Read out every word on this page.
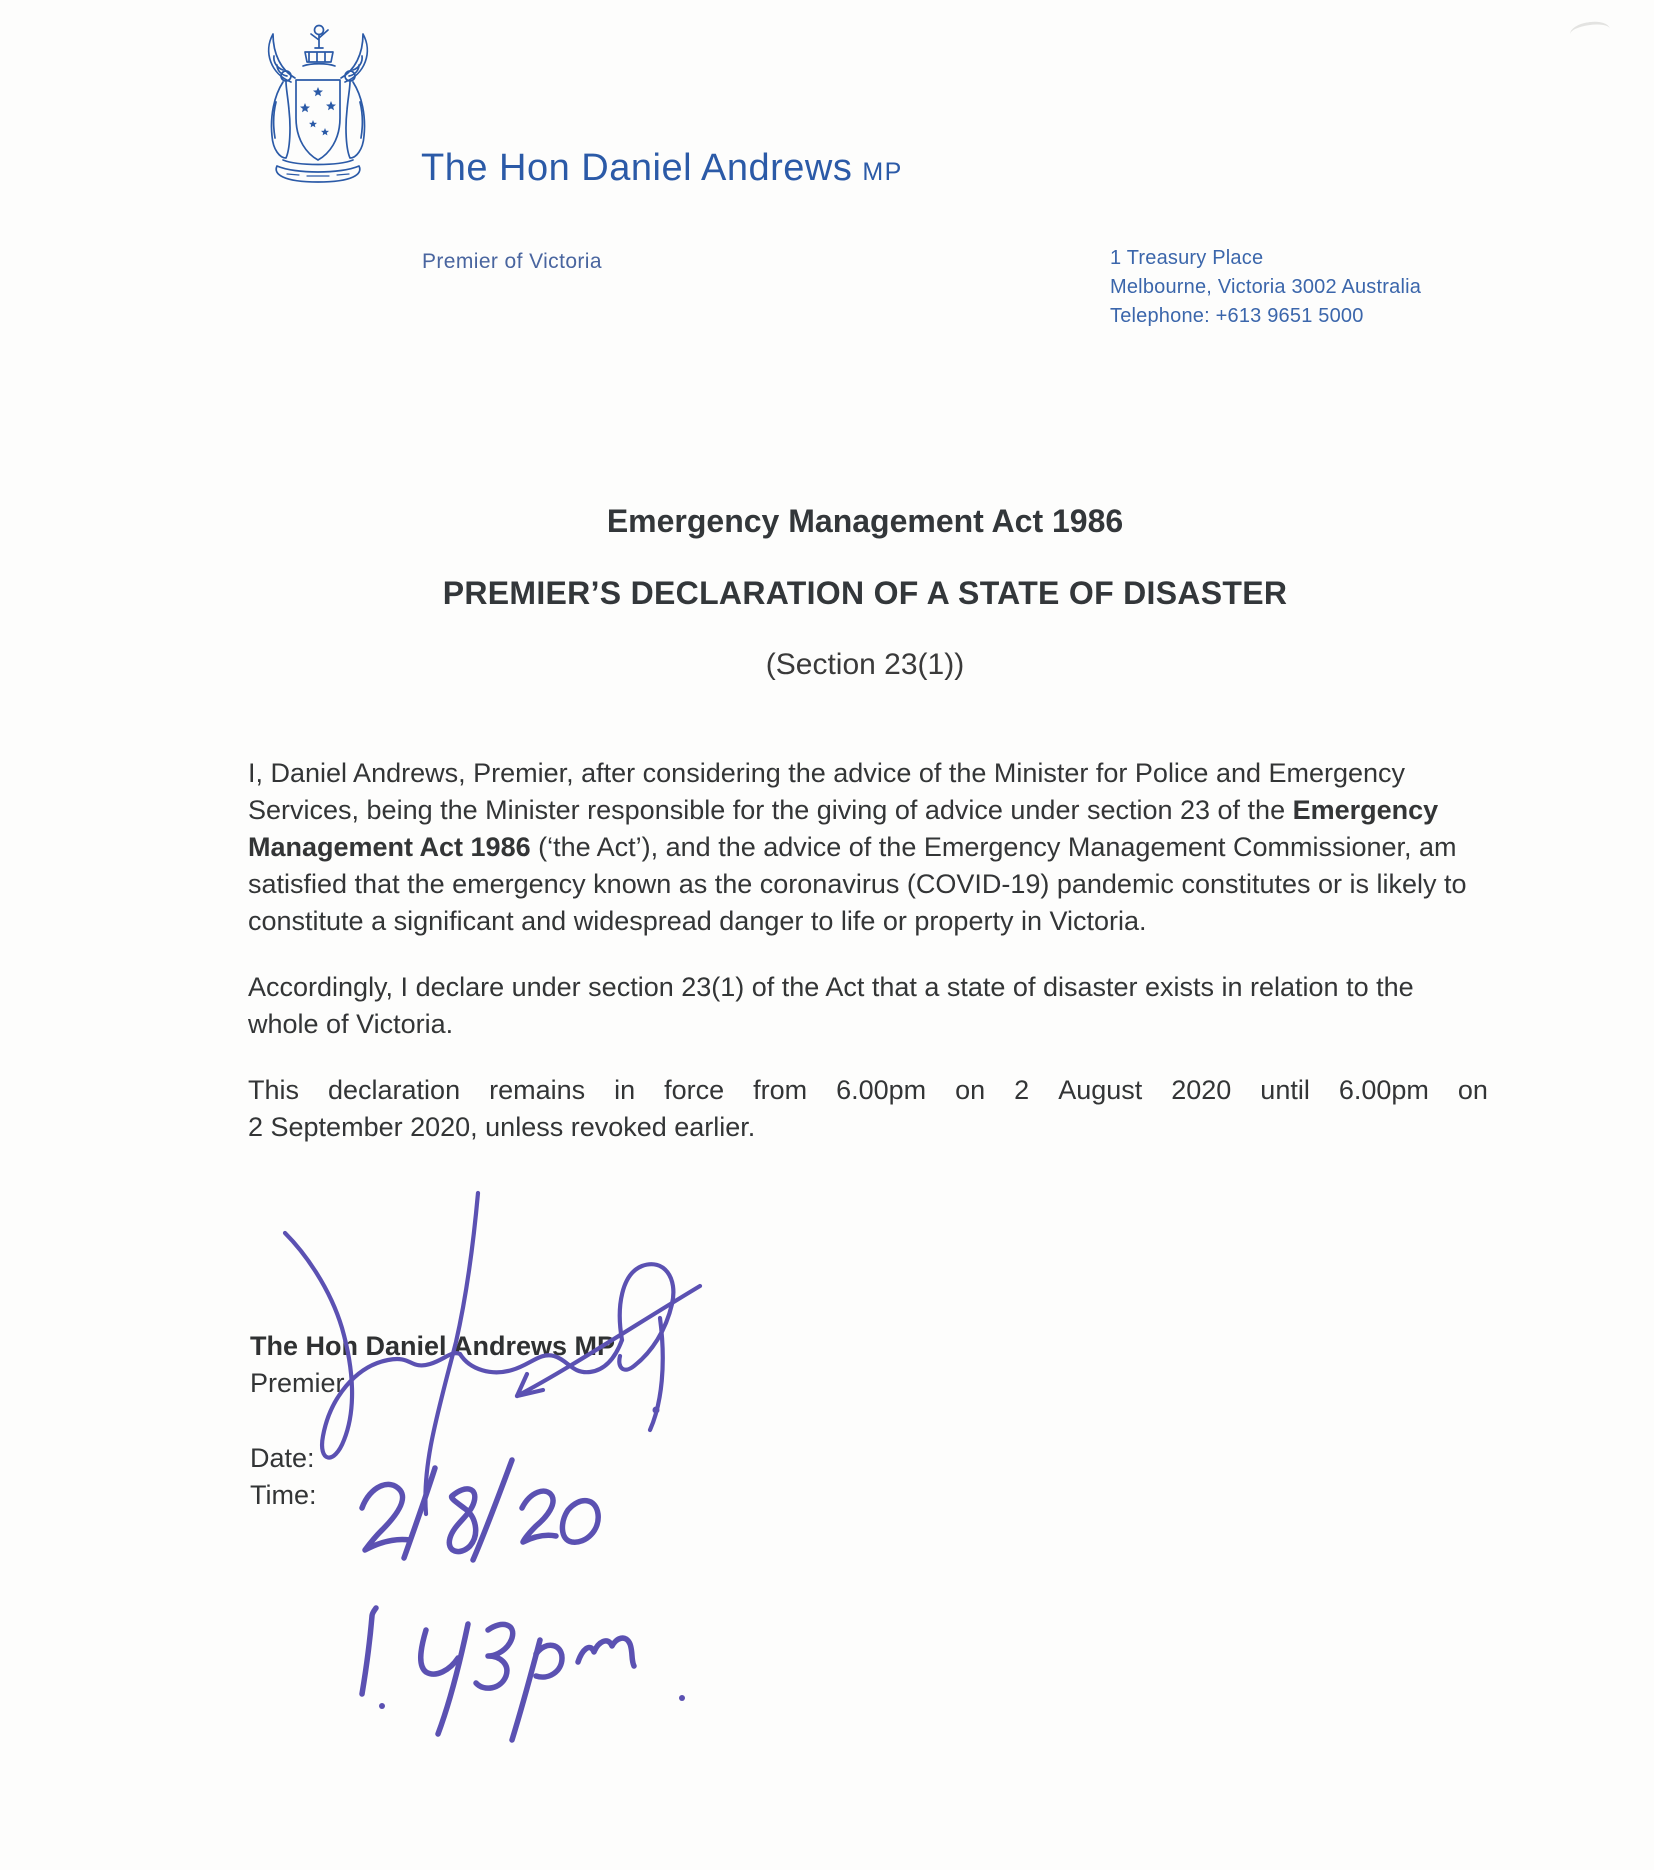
The Hon Daniel Andrews MP
Premier of Victoria	1 Treasury Place
Melbourne, Victoria 3002 Australia
Telephone: +613 9651 5000
Emergency Management Act 1986
PREMIER’S DECLARATION OF A STATE OF DISASTER
(Section 23(1))

I, Daniel Andrews, Premier, after considering the advice of the Minister for Police and Emergency Services, being the Minister responsible for the giving of advice under section 23 of the Emergency Management Act 1986 (‘the Act’), and the advice of the Emergency Management Commissioner, am satisfied that the emergency known as the coronavirus (COVID-19) pandemic constitutes or is likely to constitute a significant and widespread danger to life or property in Victoria.

Accordingly, I declare under section 23(1) of the Act that a state of disaster exists in relation to the whole of Victoria.

This declaration remains in force from 6.00pm on 2 August 2020 until 6.00pm on
2 September 2020, unless revoked earlier.

The Hon Daniel Andrews MP
Premier
Date:
Time:
